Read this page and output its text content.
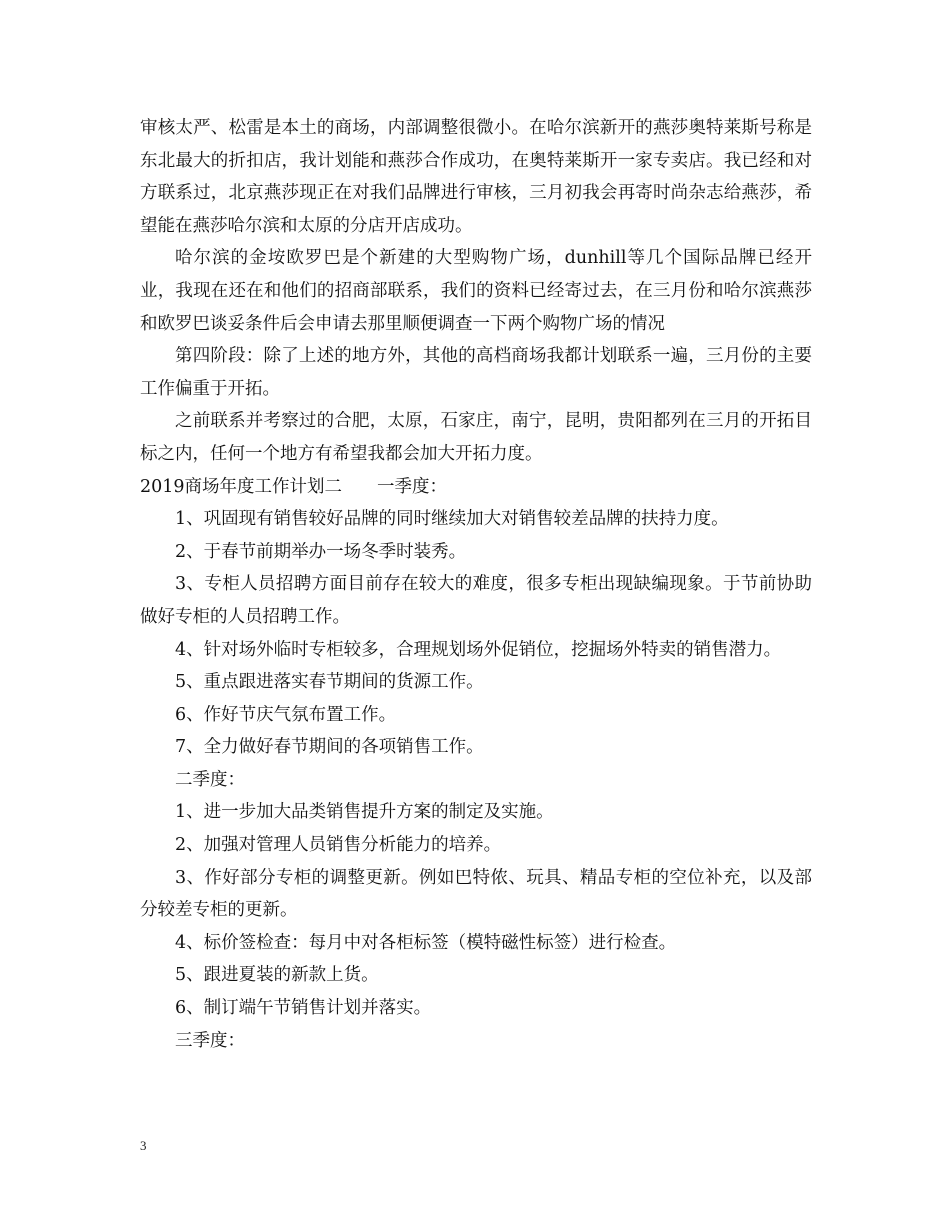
审核太严、松雷是本土的商场，内部调整很微小。在哈尔滨新开的燕莎奥特莱斯号称是东北最大的折扣店，我计划能和燕莎合作成功，在奥特莱斯开一家专卖店。我已经和对方联系过，北京燕莎现正在对我们品牌进行审核，三月初我会再寄时尚杂志给燕莎，希望能在燕莎哈尔滨和太原的分店开店成功。

哈尔滨的金垵欧罗巴是个新建的大型购物广场，dunhill等几个国际品牌已经开业，我现在还在和他们的招商部联系，我们的资料已经寄过去，在三月份和哈尔滨燕莎和欧罗巴谈妥条件后会申请去那里顺便调查一下两个购物广场的情况

第四阶段：除了上述的地方外，其他的高档商场我都计划联系一遍，三月份的主要工作偏重于开拓。

之前联系并考察过的合肥，太原，石家庄，南宁，昆明，贵阳都列在三月的开拓目标之内，任何一个地方有希望我都会加大开拓力度。

2019商场年度工作计划二　　一季度：

1、巩固现有销售较好品牌的同时继续加大对销售较差品牌的扶持力度。

2、于春节前期举办一场冬季时装秀。

3、专柜人员招聘方面目前存在较大的难度，很多专柜出现缺编现象。于节前协助做好专柜的人员招聘工作。

4、针对场外临时专柜较多，合理规划场外促销位，挖掘场外特卖的销售潜力。

5、重点跟进落实春节期间的货源工作。

6、作好节庆气氛布置工作。

7、全力做好春节期间的各项销售工作。

二季度：

1、进一步加大品类销售提升方案的制定及实施。

2、加强对管理人员销售分析能力的培养。

3、作好部分专柜的调整更新。例如巴特侬、玩具、精品专柜的空位补充，以及部分较差专柜的更新。

4、标价签检查：每月中对各柜标签（模特磁性标签）进行检查。

5、跟进夏装的新款上货。

6、制订端午节销售计划并落实。

三季度：

3
